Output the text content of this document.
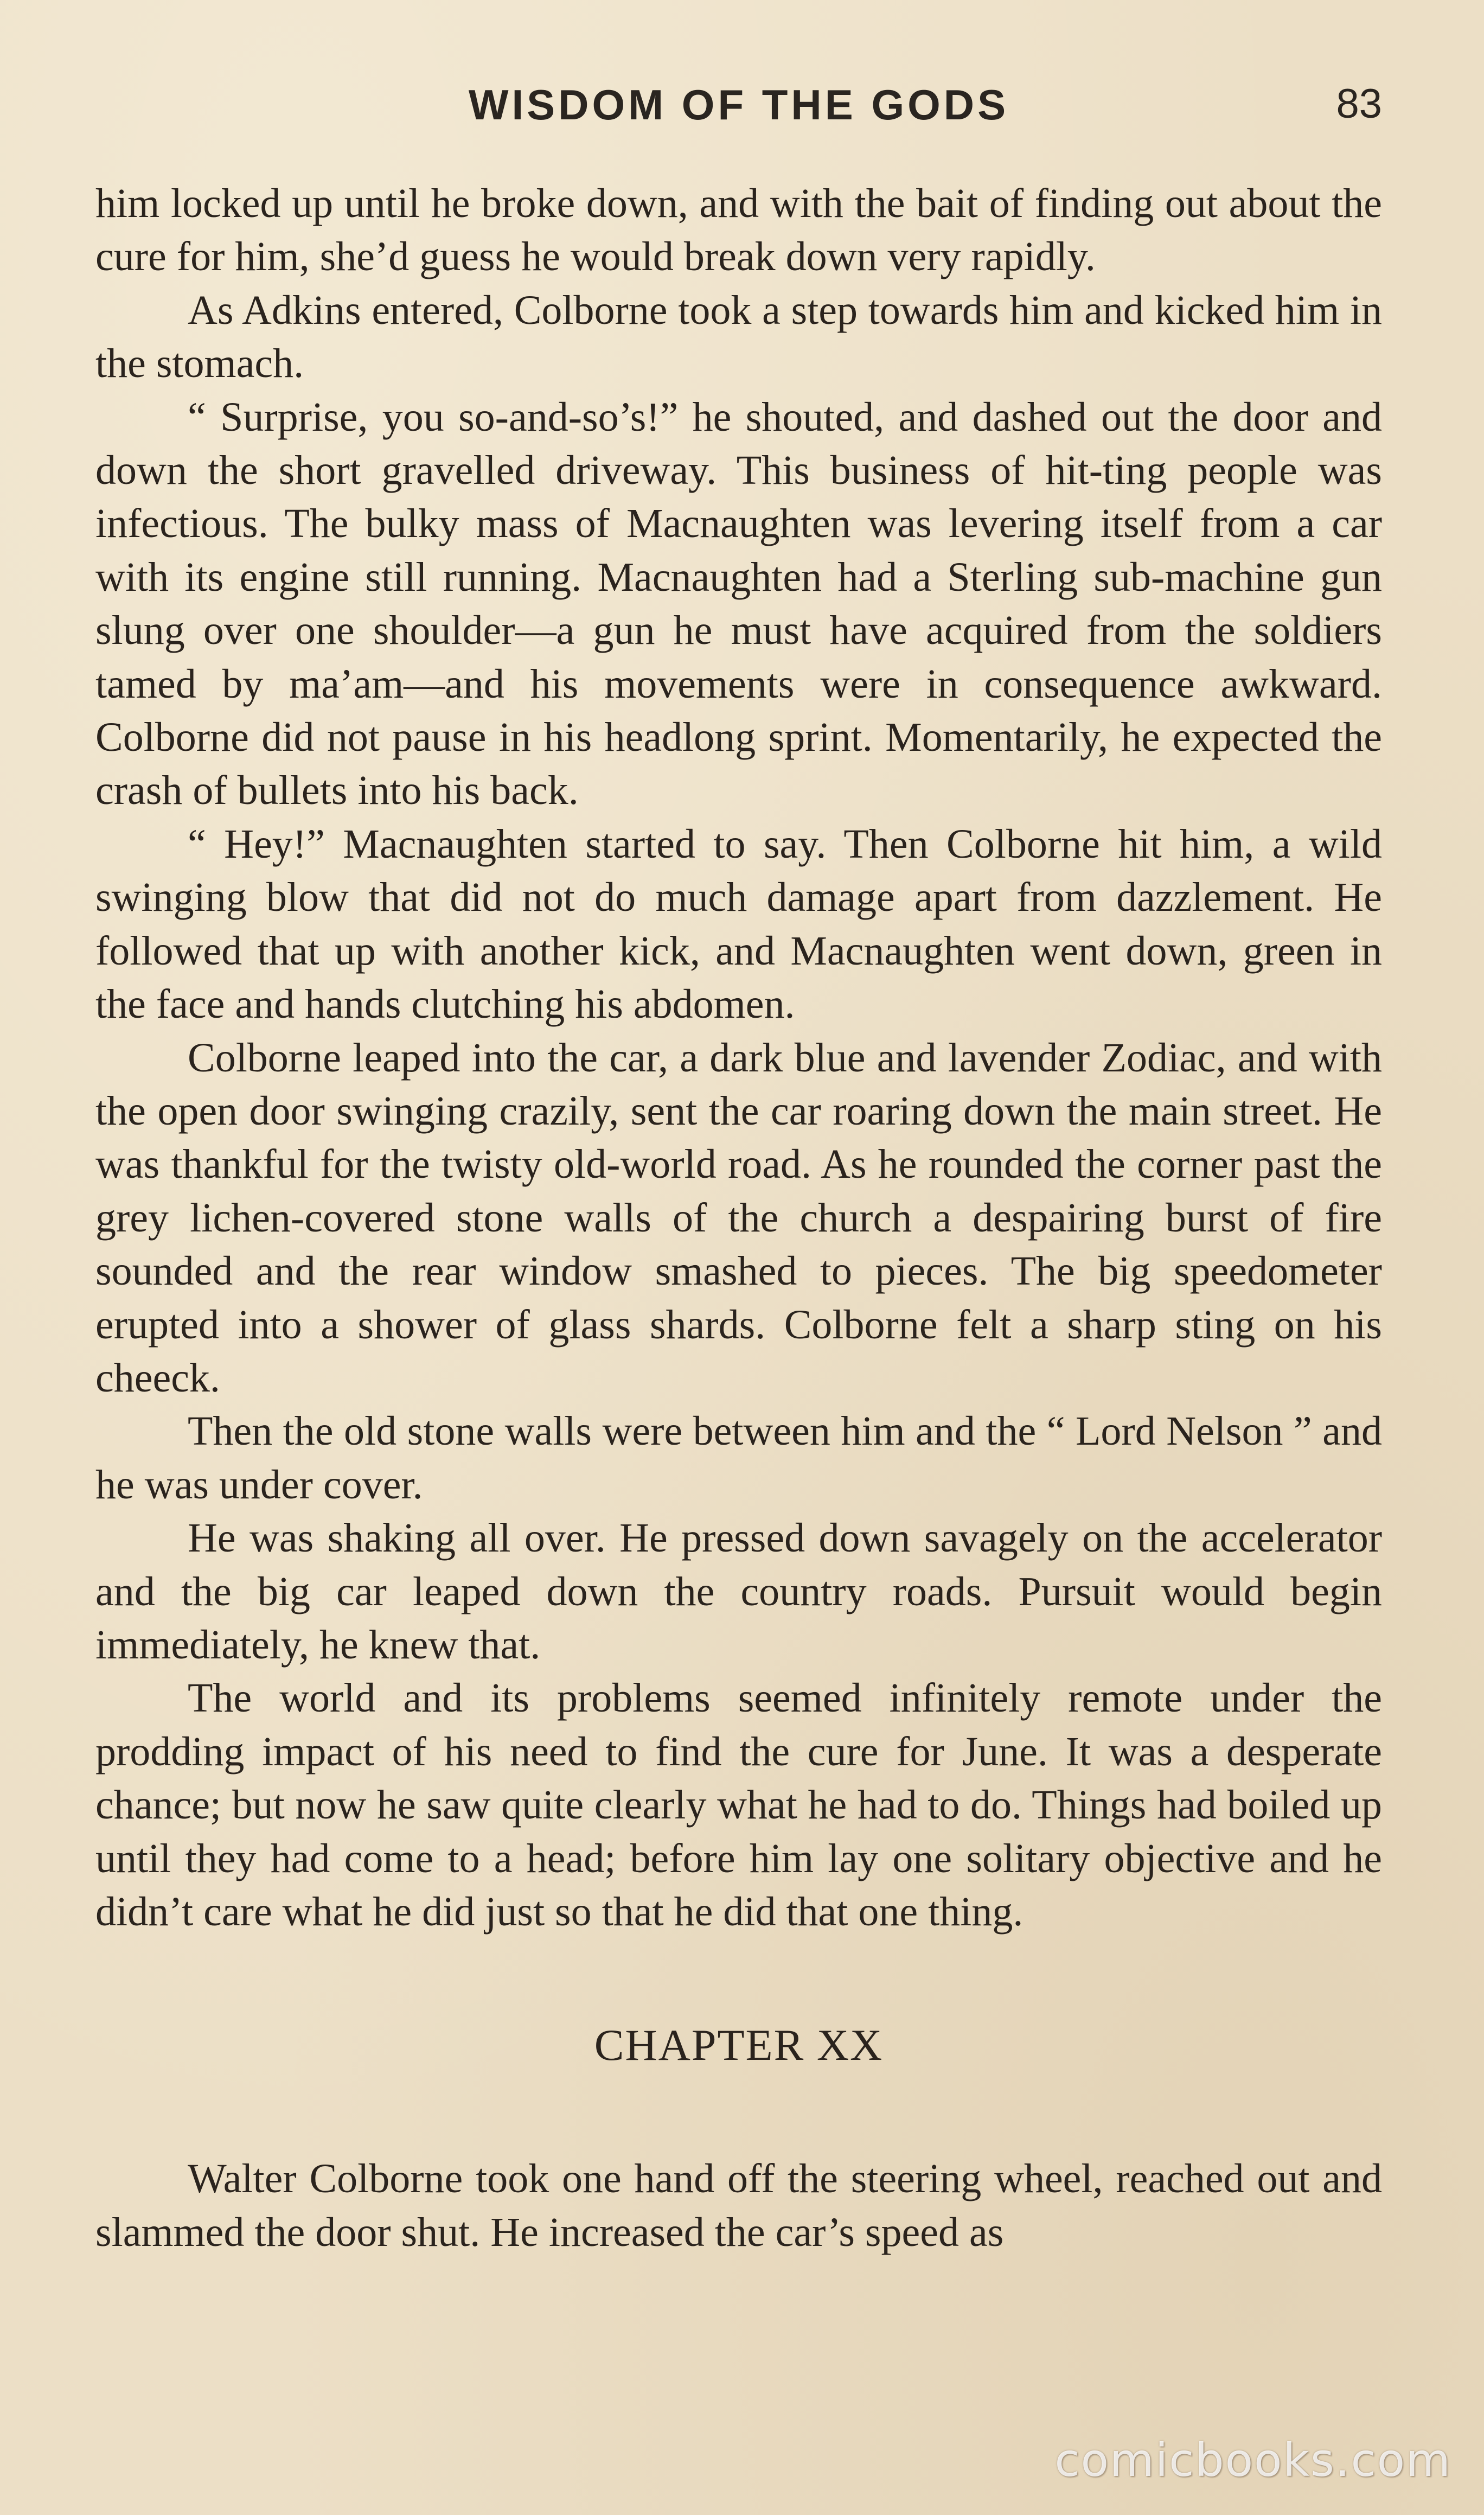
WISDOM OF THE GODS	83

him locked up until he broke down, and with the bait of finding out about the cure for him, she’d guess he would break down very rapidly.

As Adkins entered, Colborne took a step towards him and kicked him in the stomach.

“ Surprise, you so-and-so’s!” he shouted, and dashed out the door and down the short gravelled driveway. This business of hit-ting people was infectious. The bulky mass of Macnaughten was levering itself from a car with its engine still running. Macnaughten had a Sterling sub-machine gun slung over one shoulder—a gun he must have acquired from the soldiers tamed by ma’am—and his movements were in consequence awkward. Colborne did not pause in his headlong sprint. Momentarily, he expected the crash of bullets into his back.

“ Hey!” Macnaughten started to say. Then Colborne hit him, a wild swinging blow that did not do much damage apart from dazzlement. He followed that up with another kick, and Macnaughten went down, green in the face and hands clutching his abdomen.

Colborne leaped into the car, a dark blue and lavender Zodiac, and with the open door swinging crazily, sent the car roaring down the main street. He was thankful for the twisty old-world road. As he rounded the corner past the grey lichen-covered stone walls of the church a despairing burst of fire sounded and the rear window smashed to pieces. The big speedometer erupted into a shower of glass shards. Colborne felt a sharp sting on his cheeck.

Then the old stone walls were between him and the “ Lord Nelson ” and he was under cover.

He was shaking all over. He pressed down savagely on the accelerator and the big car leaped down the country roads. Pursuit would begin immediately, he knew that.

The world and its problems seemed infinitely remote under the prodding impact of his need to find the cure for June. It was a desperate chance; but now he saw quite clearly what he had to do. Things had boiled up until they had come to a head; before him lay one solitary objective and he didn’t care what he did just so that he did that one thing.

CHAPTER XX

Walter Colborne took one hand off the steering wheel, reached out and slammed the door shut. He increased the car’s speed as

comicbooks.com
